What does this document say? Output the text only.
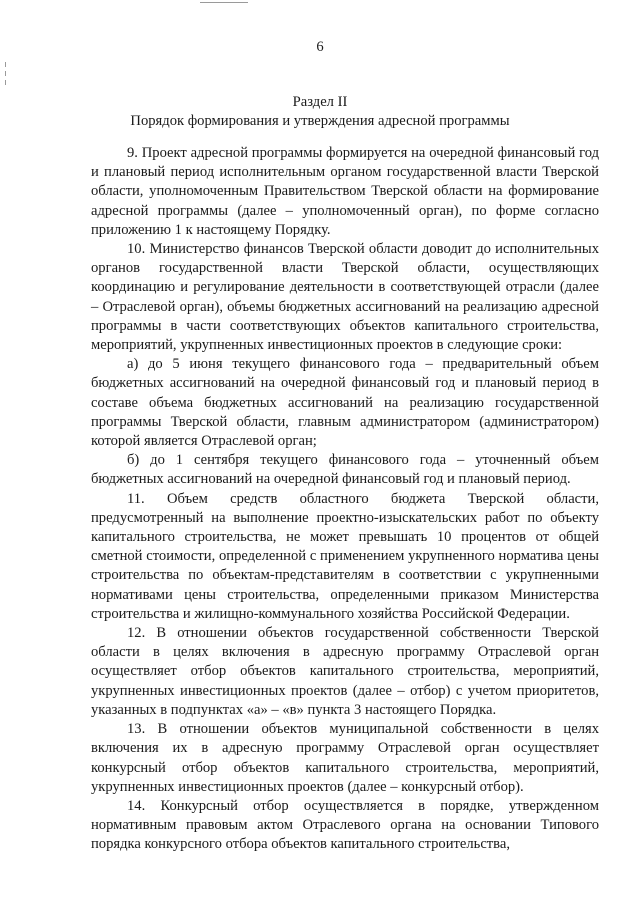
6
Раздел II
Порядок формирования и утверждения адресной программы

9. Проект адресной программы формируется на очередной финансовый год и плановый период исполнительным органом государственной власти Тверской области, уполномоченным Правительством Тверской области на формирование адресной программы (далее – уполномоченный орган), по форме согласно приложению 1 к настоящему Порядку.

10. Министерство финансов Тверской области доводит до исполнительных органов государственной власти Тверской области, осуществляющих координацию и регулирование деятельности в соответствующей отрасли (далее – Отраслевой орган), объемы бюджетных ассигнований на реализацию адресной программы в части соответствующих объектов капитального строительства, мероприятий, укрупненных инвестиционных проектов в следующие сроки:

а) до 5 июня текущего финансового года – предварительный объем бюджетных ассигнований на очередной финансовый год и плановый период в составе объема бюджетных ассигнований на реализацию государственной программы Тверской области, главным администратором (администратором) которой является Отраслевой орган;

б) до 1 сентября текущего финансового года – уточненный объем бюджетных ассигнований на очередной финансовый год и плановый период.

11. Объем средств областного бюджета Тверской области, предусмотренный на выполнение проектно-изыскательских работ по объекту капитального строительства, не может превышать 10 процентов от общей сметной стоимости, определенной с применением укрупненного норматива цены строительства по объектам-представителям в соответствии с укрупненными нормативами цены строительства, определенными приказом Министерства строительства и жилищно-коммунального хозяйства Российской Федерации.

12. В отношении объектов государственной собственности Тверской области в целях включения в адресную программу Отраслевой орган осуществляет отбор объектов капитального строительства, мероприятий, укрупненных инвестиционных проектов (далее – отбор) с учетом приоритетов, указанных в подпунктах «а» – «в» пункта 3 настоящего Порядка.

13. В отношении объектов муниципальной собственности в целях включения их в адресную программу Отраслевой орган осуществляет конкурсный отбор объектов капитального строительства, мероприятий, укрупненных инвестиционных проектов (далее – конкурсный отбор).

14. Конкурсный отбор осуществляется в порядке, утвержденном нормативным правовым актом Отраслевого органа на основании Типового порядка конкурсного отбора объектов капитального строительства,
